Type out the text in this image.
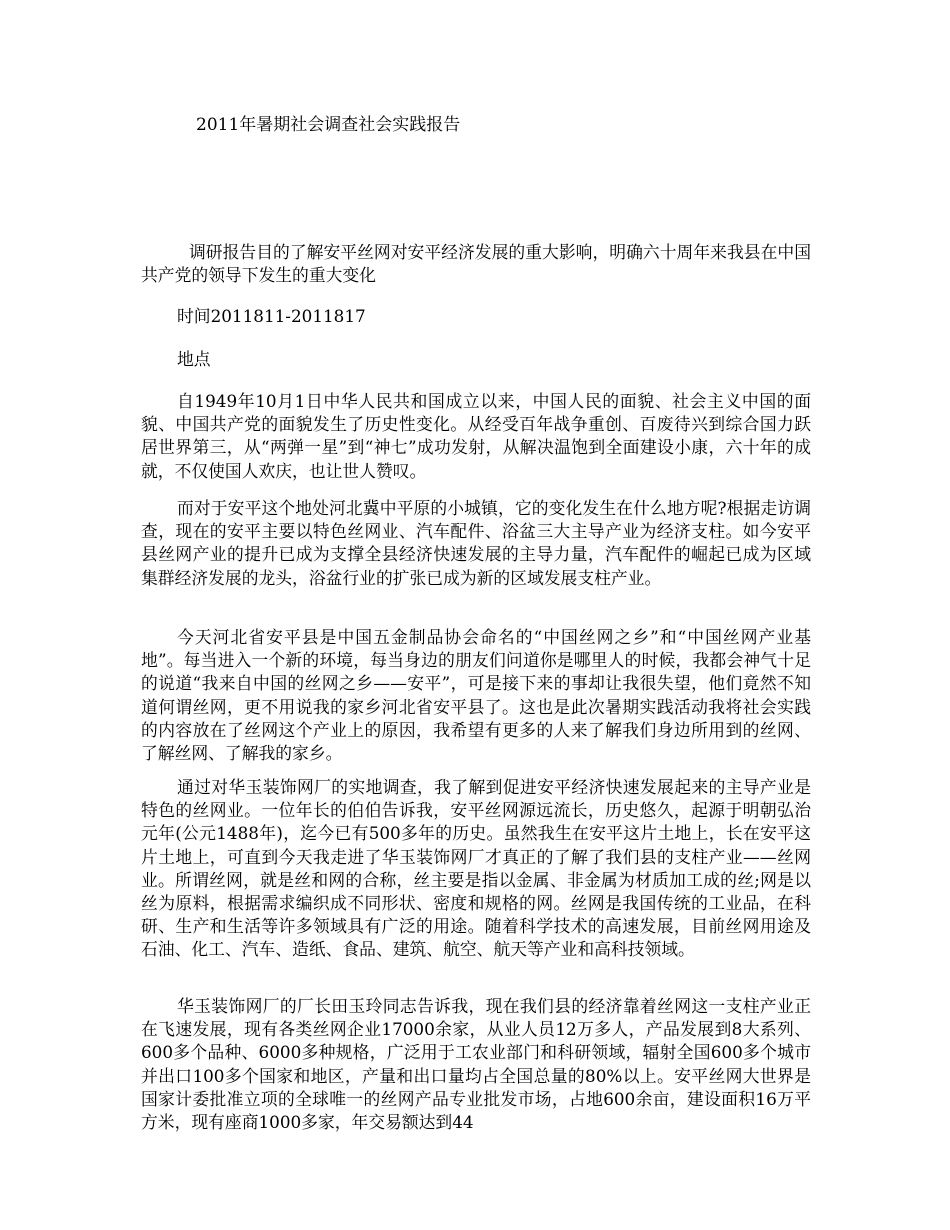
2011年暑期社会调查社会实践报告

调研报告目的了解安平丝网对安平经济发展的重大影响，明确六十周年来我县在中国共产党的领导下发生的重大变化

时间2011811-2011817
地点

自1949年10月1日中华人民共和国成立以来，中国人民的面貌、社会主义中国的面貌、中国共产党的面貌发生了历史性变化。从经受百年战争重创、百废待兴到综合国力跃居世界第三，从“两弹一星”到“神七”成功发射，从解决温饱到全面建设小康，六十年的成就，不仅使国人欢庆，也让世人赞叹。

而对于安平这个地处河北冀中平原的小城镇，它的变化发生在什么地方呢?根据走访调查，现在的安平主要以特色丝网业、汽车配件、浴盆三大主导产业为经济支柱。如今安平县丝网产业的提升已成为支撑全县经济快速发展的主导力量，汽车配件的崛起已成为区域集群经济发展的龙头，浴盆行业的扩张已成为新的区域发展支柱产业。

今天河北省安平县是中国五金制品协会命名的“中国丝网之乡”和“中国丝网产业基地”。每当进入一个新的环境，每当身边的朋友们问道你是哪里人的时候，我都会神气十足的说道“我来自中国的丝网之乡——安平”，可是接下来的事却让我很失望，他们竟然不知道何谓丝网，更不用说我的家乡河北省安平县了。这也是此次暑期实践活动我将社会实践的内容放在了丝网这个产业上的原因，我希望有更多的人来了解我们身边所用到的丝网、了解丝网、了解我的家乡。

通过对华玉装饰网厂的实地调查，我了解到促进安平经济快速发展起来的主导产业是特色的丝网业。一位年长的伯伯告诉我，安平丝网源远流长，历史悠久，起源于明朝弘治元年(公元1488年)，迄今已有500多年的历史。虽然我生在安平这片土地上，长在安平这片土地上，可直到今天我走进了华玉装饰网厂才真正的了解了我们县的支柱产业——丝网业。所谓丝网，就是丝和网的合称，丝主要是指以金属、非金属为材质加工成的丝;网是以丝为原料，根据需求编织成不同形状、密度和规格的网。丝网是我国传统的工业品，在科研、生产和生活等许多领域具有广泛的用途。随着科学技术的高速发展，目前丝网用途及石油、化工、汽车、造纸、食品、建筑、航空、航天等产业和高科技领域。

华玉装饰网厂的厂长田玉玲同志告诉我，现在我们县的经济靠着丝网这一支柱产业正在飞速发展，现有各类丝网企业17000余家，从业人员12万多人，产品发展到8大系列、600多个品种、6000多种规格，广泛用于工农业部门和科研领域，辐射全国600多个城市并出口100多个国家和地区，产量和出口量均占全国总量的80%以上。安平丝网大世界是国家计委批准立项的全球唯一的丝网产品专业批发市场，占地600余亩，建设面积16万平方米，现有座商1000多家，年交易额达到44
